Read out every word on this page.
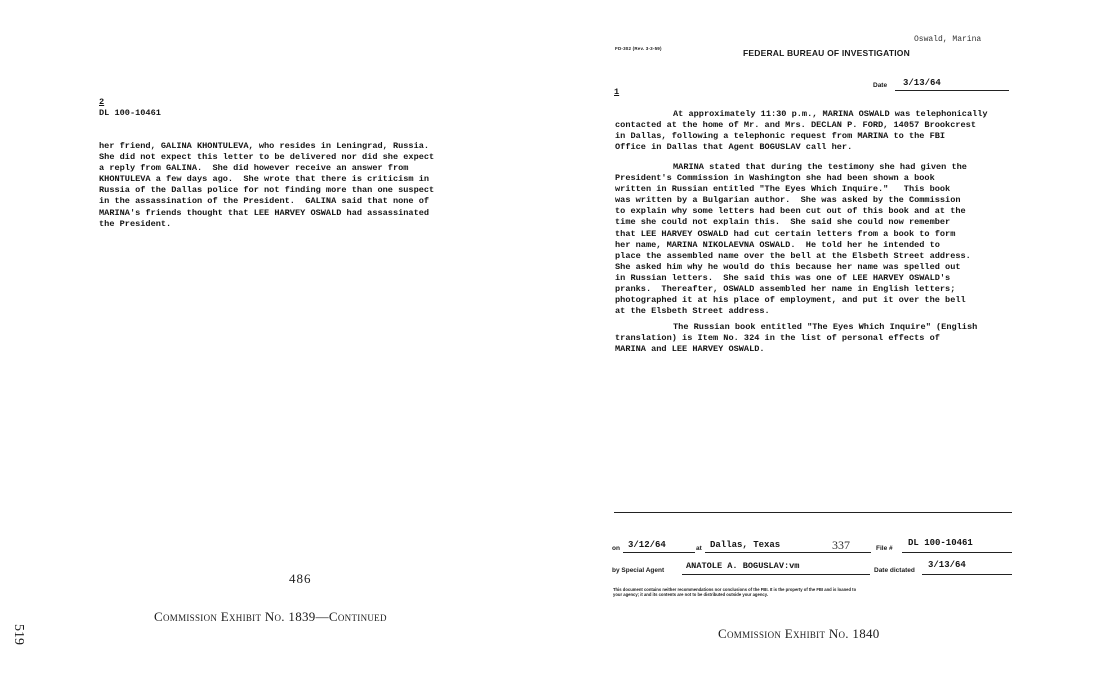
2
DL 100-10461
her friend, GALINA KHONTULEVA, who resides in Leningrad, Russia.
She did not expect this letter to be delivered nor did she expect
a reply from GALINA.  She did however receive an answer from
KHONTULEVA a few days ago.  She wrote that there is criticism in
Russia of the Dallas police for not finding more than one suspect
in the assassination of the President.  GALINA said that none of
MARINA's friends thought that LEE HARVEY OSWALD had assassinated
the President.
486
Commission Exhibit No. 1839—Continued
519
FD-302 (Rev. 3-3-59)	FEDERAL BUREAU OF INVESTIGATION
Oswald, Marina
1
Date 3/13/64
At approximately 11:30 p.m., MARINA OSWALD was telephonically
contacted at the home of Mr. and Mrs. DECLAN P. FORD, 14057 Brookcrest
in Dallas, following a telephonic request from MARINA to the FBI
Office in Dallas that Agent BOGUSLAV call her.
MARINA stated that during the testimony she had given the
President's Commission in Washington she had been shown a book
written in Russian entitled "The Eyes Which Inquire."   This book
was written by a Bulgarian author.  She was asked by the Commission
to explain why some letters had been cut out of this book and at the
time she could not explain this.  She said she could now remember
that LEE HARVEY OSWALD had cut certain letters from a book to form
her name, MARINA NIKOLAEVNA OSWALD.  He told her he intended to
place the assembled name over the bell at the Elsbeth Street address.
She asked him why he would do this because her name was spelled out
in Russian letters.  She said this was one of LEE HARVEY OSWALD's
pranks.  Thereafter, OSWALD assembled her name in English letters;
photographed it at his place of employment, and put it over the bell
at the Elsbeth Street address.
The Russian book entitled "The Eyes Which Inquire" (English
translation) is Item No. 324 in the list of personal effects of
MARINA and LEE HARVEY OSWALD.
on 3/12/64	at Dallas, Texas	337	File #
DL 100-10461
by Special Agent	ANATOLE A. BOGUSLAV:vm	Date dictated
3/13/64
This document contains neither recommendations nor conclusions of the FBI. It is the property of the FBI and is loaned to
your agency; it and its contents are not to be distributed outside your agency.
Commission Exhibit No. 1840
